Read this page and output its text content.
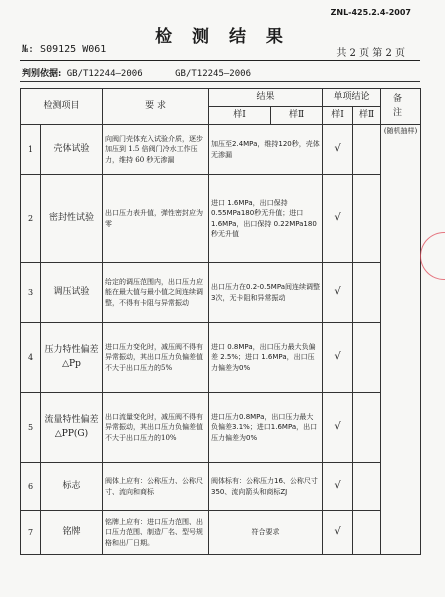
ZNL-425.2.4-2007
检 测 结 果
№: S09125 W061	共 2 页 第 2 页
判别依据: GB/T12244—2006	GB/T12245—2006
检测项目		要 求	结果		单项结论		备 注

			样Ⅰ	样Ⅱ	样Ⅰ	样Ⅱ	
1	壳体试验	向阀门壳体充入试验介质，逐步加压到 1.5 倍阀门冷水工作压力，维持 60 秒无渗漏	加压至2.4MPa，维持120秒，壳体无渗漏		√		(随机抽样)

2	密封性试验	出口压力表升值，弹性密封应为零	进口 1.6MPa，出口保持 0.55MPa180秒无升值；进口 1.6MPa，出口保持 0.22MPa180秒无升值		√		
3	调压试验	给定的调压范围内，出口压力应能在最大值与最小值之间连续调整，不得有卡阻与异常振动	出口压力在0.2-0.5MPa间连续调整3次，无卡阻和异常振动		√		
4	压力特性偏差△Pp	进口压力变化时，减压阀不得有异常振动，其出口压力负偏差值不大于出口压力的5%	进口 0.8MPa，出口压力最大负偏差 2.5%；进口 1.6MPa，出口压力偏差为0%		√		
5	流量特性偏差△PP(G)	出口流量变化时，减压阀不得有异常振动，其出口压力负偏差值不大于出口压力的10%	进口压力0.8MPa，出口压力最大负偏差3.1%；进口1.6MPa，出口压力偏差为0%		√		
6	标志	阀体上应有：公称压力、公称尺寸、流向和商标	阀体标有：公称压力16、公称尺寸350、流向箭头和商标ZJ		√		
7	铭牌	铭牌上应有：进口压力范围、出口压力范围、制造厂名、型号规格和出厂日期。	符合要求		√		
